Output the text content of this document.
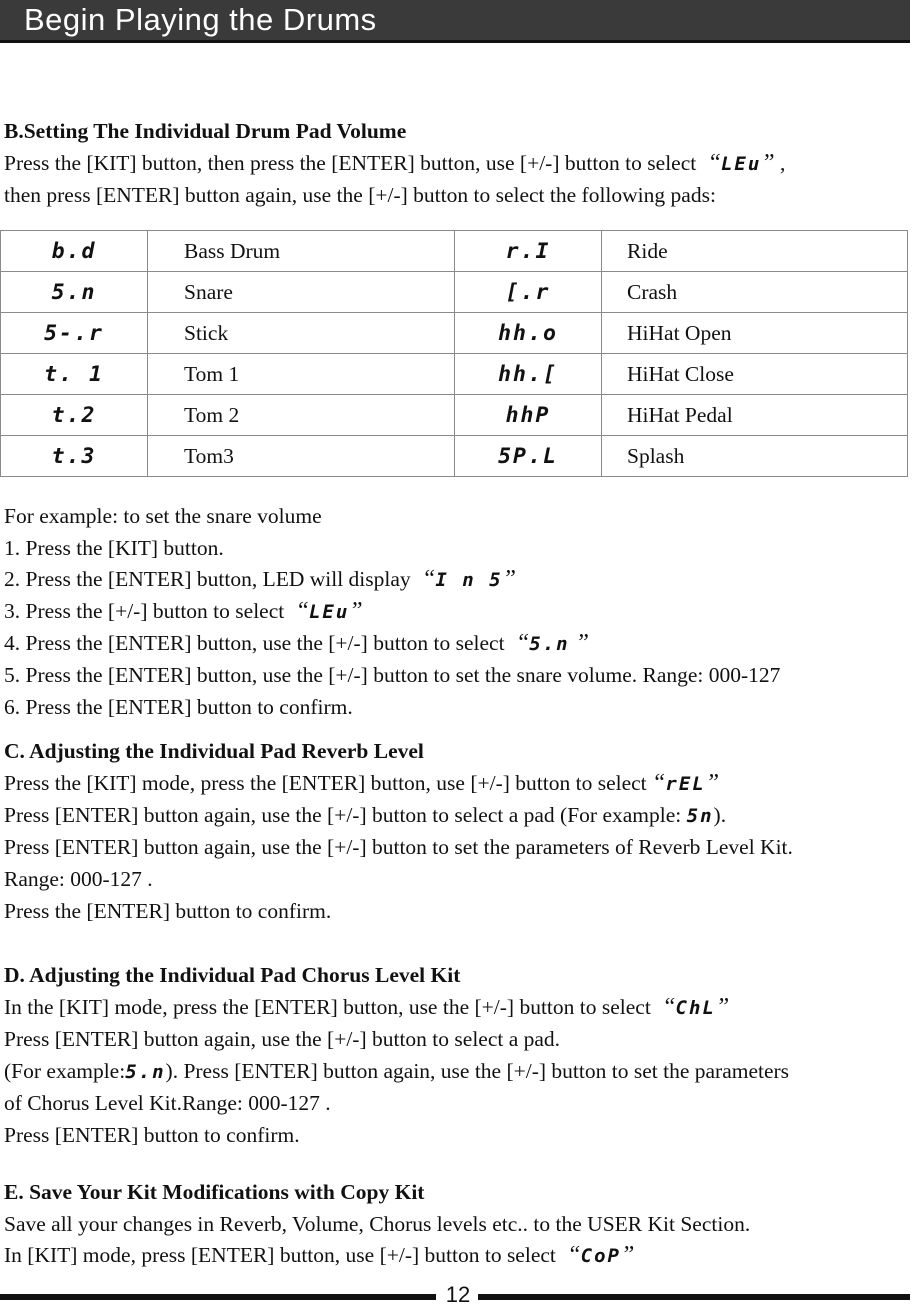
Begin Playing the Drums
B.Setting The Individual Drum Pad Volume
Press the [KIT] button, then press the [ENTER] button, use [+/-] button to select  “LEu” ,
then press [ENTER] button again, use the [+/-] button to select the following pads:
b.d	Bass Drum	r.I	Ride
5.n	Snare	[.r	Crash
5-.r	Stick	hh.o	HiHat Open
t. 1	Tom 1	hh.[	HiHat Close
t.2	Tom 2	hhP	HiHat Pedal
t.3	Tom3	5P.L	Splash
For example: to set the snare volume
1. Press the [KIT] button.
2. Press the [ENTER] button, LED will display  “I n 5”
3. Press the [+/-] button to select  “LEu”
4. Press the [ENTER] button, use the [+/-] button to select  “5.n ”
5. Press the [ENTER] button, use the [+/-] button to set the snare volume. Range: 000-127
6. Press the [ENTER] button to confirm.
C. Adjusting the Individual Pad Reverb Level
Press the [KIT] mode, press the [ENTER] button, use [+/-] button to select “rEL”
Press [ENTER] button again, use the [+/-] button to select a pad (For example: 5n).
Press [ENTER] button again, use the [+/-] button to set the parameters of Reverb Level Kit.
Range: 000-127 .
Press the [ENTER] button to confirm.
D. Adjusting the Individual Pad Chorus Level Kit
In the [KIT] mode, press the [ENTER] button, use the [+/-] button to select  “ChL”
Press [ENTER] button again, use the [+/-] button to select a pad.
(For example:5.n). Press [ENTER] button again, use the [+/-] button to set the parameters
of Chorus Level Kit.Range: 000-127 .
Press [ENTER] button to confirm.
E. Save Your Kit Modifications with Copy Kit
Save all your changes in Reverb, Volume, Chorus levels etc.. to the USER Kit Section.
In [KIT] mode, press [ENTER] button, use [+/-] button to select  “CoP”
12
